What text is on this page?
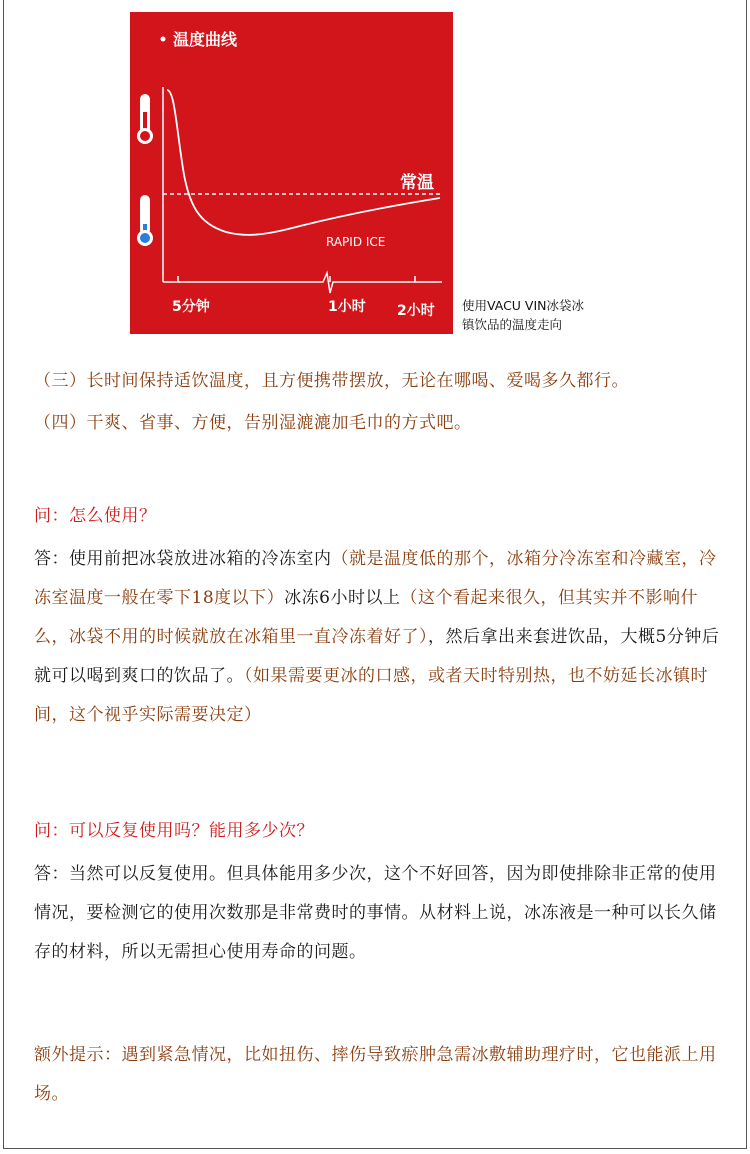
温度曲线
常温
RAPID ICE
5分钟	1小时 2小时 使用VACU VIN冰袋冰
镇饮品的温度走向
（三）长时间保持适饮温度，且方便携带摆放，无论在哪喝、爱喝多久都行。
（四）干爽、省事、方便，告别湿漉漉加毛巾的方式吧。
问：怎么使用？
答：使用前把冰袋放进冰箱的冷冻室内（就是温度低的那个，冰箱分冷冻室和冷藏室，冷冻室温度一般在零下18度以下）冰冻6小时以上（这个看起来很久，但其实并不影响什么，冰袋不用的时候就放在冰箱里一直冷冻着好了），然后拿出来套进饮品，大概5分钟后就可以喝到爽口的饮品了。（如果需要更冰的口感，或者天时特别热，也不妨延长冰镇时间，这个视乎实际需要决定）
问：可以反复使用吗？能用多少次？
答：当然可以反复使用。但具体能用多少次，这个不好回答，因为即使排除非正常的使用情况，要检测它的使用次数那是非常费时的事情。从材料上说，冰冻液是一种可以长久储存的材料，所以无需担心使用寿命的问题。
额外提示：遇到紧急情况，比如扭伤、摔伤导致瘀肿急需冰敷辅助理疗时，它也能派上用场。
